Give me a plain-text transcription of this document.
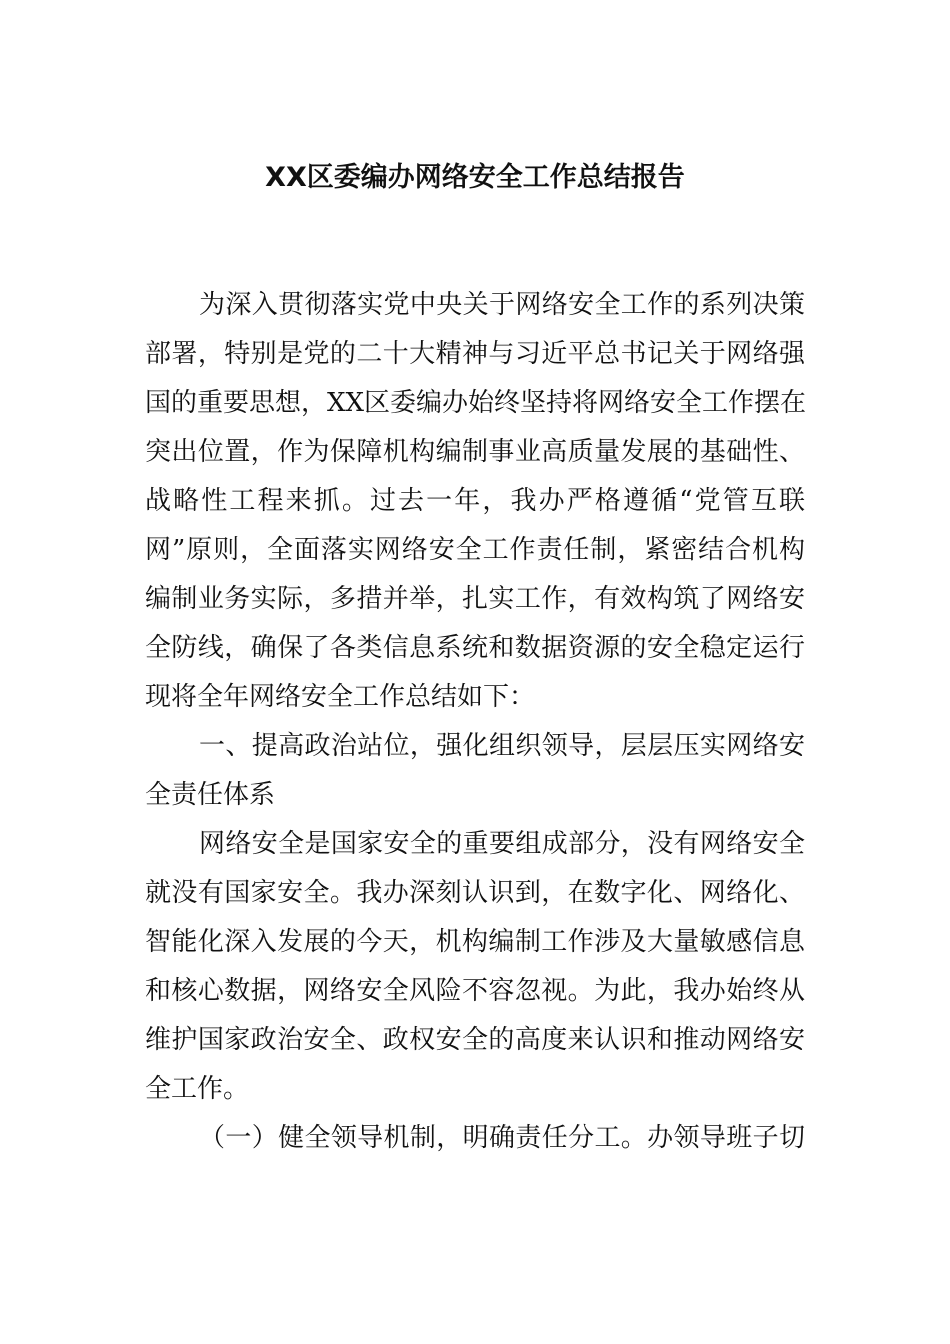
XX区委编办网络安全工作总结报告
为深入贯彻落实党中央关于网络安全工作的系列决策
部署，特别是党的二十大精神与习近平总书记关于网络强
国的重要思想，XX区委编办始终坚持将网络安全工作摆在
突出位置，作为保障机构编制事业高质量发展的基础性、
战略性工程来抓。过去一年，我办严格遵循“党管互联
网”原则，全面落实网络安全工作责任制，紧密结合机构
编制业务实际，多措并举，扎实工作，有效构筑了网络安
全防线，确保了各类信息系统和数据资源的安全稳定运行
现将全年网络安全工作总结如下：
一、提高政治站位，强化组织领导，层层压实网络安
全责任体系
网络安全是国家安全的重要组成部分，没有网络安全
就没有国家安全。我办深刻认识到，在数字化、网络化、
智能化深入发展的今天，机构编制工作涉及大量敏感信息
和核心数据，网络安全风险不容忽视。为此，我办始终从
维护国家政治安全、政权安全的高度来认识和推动网络安
全工作。
（一）健全领导机制，明确责任分工。办领导班子切
